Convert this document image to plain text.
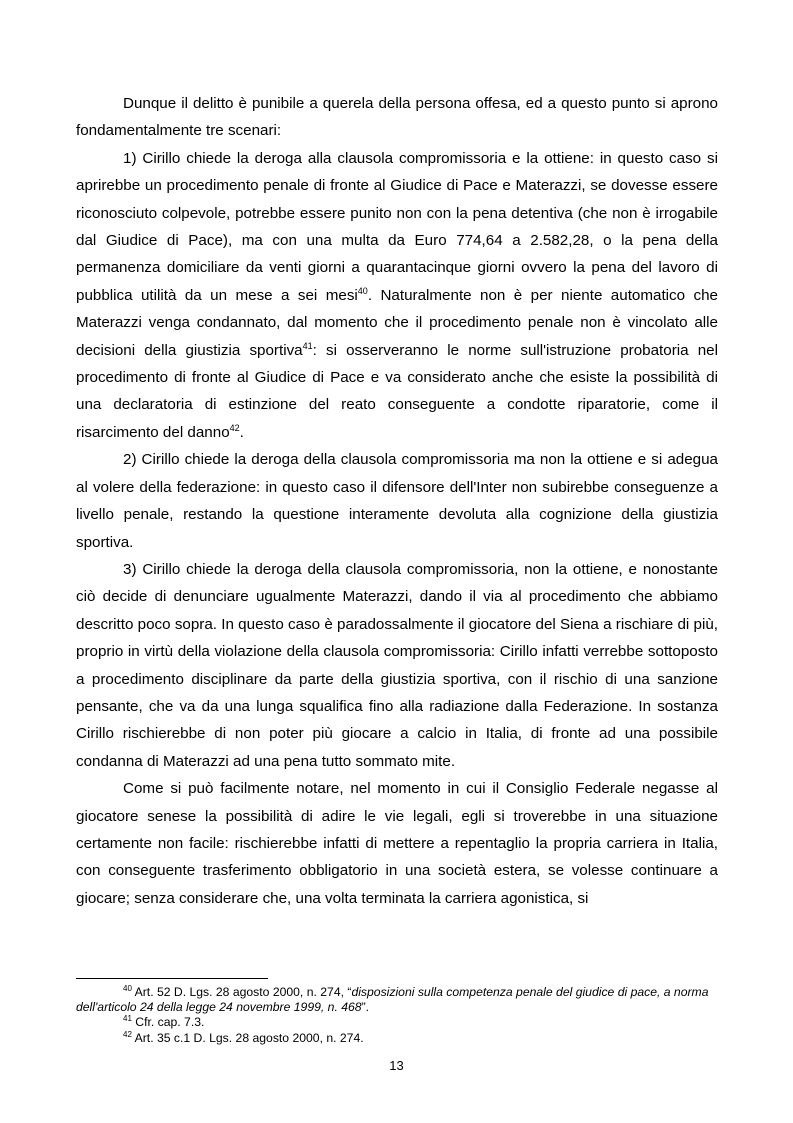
Dunque il delitto è punibile a querela della persona offesa, ed a questo punto si aprono fondamentalmente tre scenari:

1) Cirillo chiede la deroga alla clausola compromissoria e la ottiene: in questo caso si aprirebbe un procedimento penale di fronte al Giudice di Pace e Materazzi, se dovesse essere riconosciuto colpevole, potrebbe essere punito non con la pena detentiva (che non è irrogabile dal Giudice di Pace), ma con una multa da Euro 774,64 a 2.582,28, o la pena della permanenza domiciliare da venti giorni a quarantacinque giorni ovvero la pena del lavoro di pubblica utilità da un mese a sei mesi$^{40}$. Naturalmente non è per niente automatico che Materazzi venga condannato, dal momento che il procedimento penale non è vincolato alle decisioni della giustizia sportiva$^{41}$: si osserveranno le norme sull'istruzione probatoria nel procedimento di fronte al Giudice di Pace e va considerato anche che esiste la possibilità di una declaratoria di estinzione del reato conseguente a condotte riparatorie, come il risarcimento del danno$^{42}$.

2) Cirillo chiede la deroga della clausola compromissoria ma non la ottiene e si adegua al volere della federazione: in questo caso il difensore dell'Inter non subirebbe conseguenze a livello penale, restando la questione interamente devoluta alla cognizione della giustizia sportiva.

3) Cirillo chiede la deroga della clausola compromissoria, non la ottiene, e nonostante ciò decide di denunciare ugualmente Materazzi, dando il via al procedimento che abbiamo descritto poco sopra. In questo caso è paradossalmente il giocatore del Siena a rischiare di più, proprio in virtù della violazione della clausola compromissoria: Cirillo infatti verrebbe sottoposto a procedimento disciplinare da parte della giustizia sportiva, con il rischio di una sanzione pensante, che va da una lunga squalifica fino alla radiazione dalla Federazione. In sostanza Cirillo rischierebbe di non poter più giocare a calcio in Italia, di fronte ad una possibile condanna di Materazzi ad una pena tutto sommato mite.

Come si può facilmente notare, nel momento in cui il Consiglio Federale negasse al giocatore senese la possibilità di adire le vie legali, egli si troverebbe in una situazione certamente non facile: rischierebbe infatti di mettere a repentaglio la propria carriera in Italia, con conseguente trasferimento obbligatorio in una società estera, se volesse continuare a giocare; senza considerare che, una volta terminata la carriera agonistica, si

$^{40}$ Art. 52 D. Lgs. 28 agosto 2000, n. 274, “disposizioni sulla competenza penale del giudice di pace, a norma dell'articolo 24 della legge 24 novembre 1999, n. 468”.

$^{41}$ Cfr. cap. 7.3.

$^{42}$ Art. 35 c.1 D. Lgs. 28 agosto 2000, n. 274.

13
